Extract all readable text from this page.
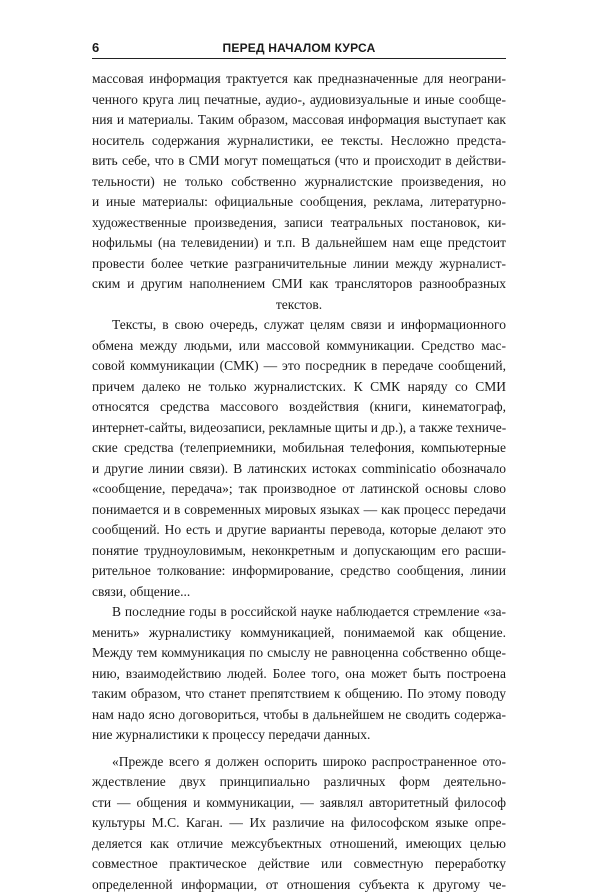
6	ПЕРЕД НАЧАЛОМ КУРСА

массовая информация трактуется как предназначенные для неограни-
ченного круга лиц печатные, аудио-, аудиовизуальные и иные сообще-
ния и материалы. Таким образом, массовая информация выступает как
носитель содержания журналистики, ее тексты. Несложно предста-
вить себе, что в СМИ могут помещаться (что и происходит в действи-
тельности) не только собственно журналистские произведения, но
и иные материалы: официальные сообщения, реклама, литературно-
художественные произведения, записи театральных постановок, ки-
нофильмы (на телевидении) и т.п. В дальнейшем нам еще предстоит
провести более четкие разграничительные линии между журналист-
ским и другим наполнением СМИ как трансляторов разнообразных
текстов.

Тексты, в свою очередь, служат целям связи и информационного
обмена между людьми, или массовой коммуникации. Средство мас-
совой коммуникации (СМК) — это посредник в передаче сообщений,
причем далеко не только журналистских. К СМК наряду со СМИ
относятся средства массового воздействия (книги, кинематограф,
интернет-сайты, видеозаписи, рекламные щиты и др.), а также техниче-
ские средства (телеприемники, мобильная телефония, компьютерные
и другие линии связи). В латинских истоках comminicatio обозначало
«сообщение, передача»; так производное от латинской основы слово
понимается и в современных мировых языках — как процесс передачи
сообщений. Но есть и другие варианты перевода, которые делают это
понятие трудноуловимым, неконкретным и допускающим его расши-
рительное толкование: информирование, средство сообщения, линии
связи, общение...

В последние годы в российской науке наблюдается стремление «за-
менить» журналистику коммуникацией, понимаемой как общение.
Между тем коммуникация по смыслу не равноценна собственно обще-
нию, взаимодействию людей. Более того, она может быть построена
таким образом, что станет препятствием к общению. По этому поводу
нам надо ясно договориться, чтобы в дальнейшем не сводить содержа-
ние журналистики к процессу передачи данных.

«Прежде всего я должен оспорить широко распространенное ото-
ждествление двух принципиально различных форм деятельно-
сти — общения и коммуникации, — заявлял авторитетный философ
культуры М.С. Каган. — Их различие на философском языке опре-
деляется как отличие межсубъектных отношений, имеющих целью
совместное практическое действие или совместную переработку
определенной информации, от отношения субъекта к другому че-
